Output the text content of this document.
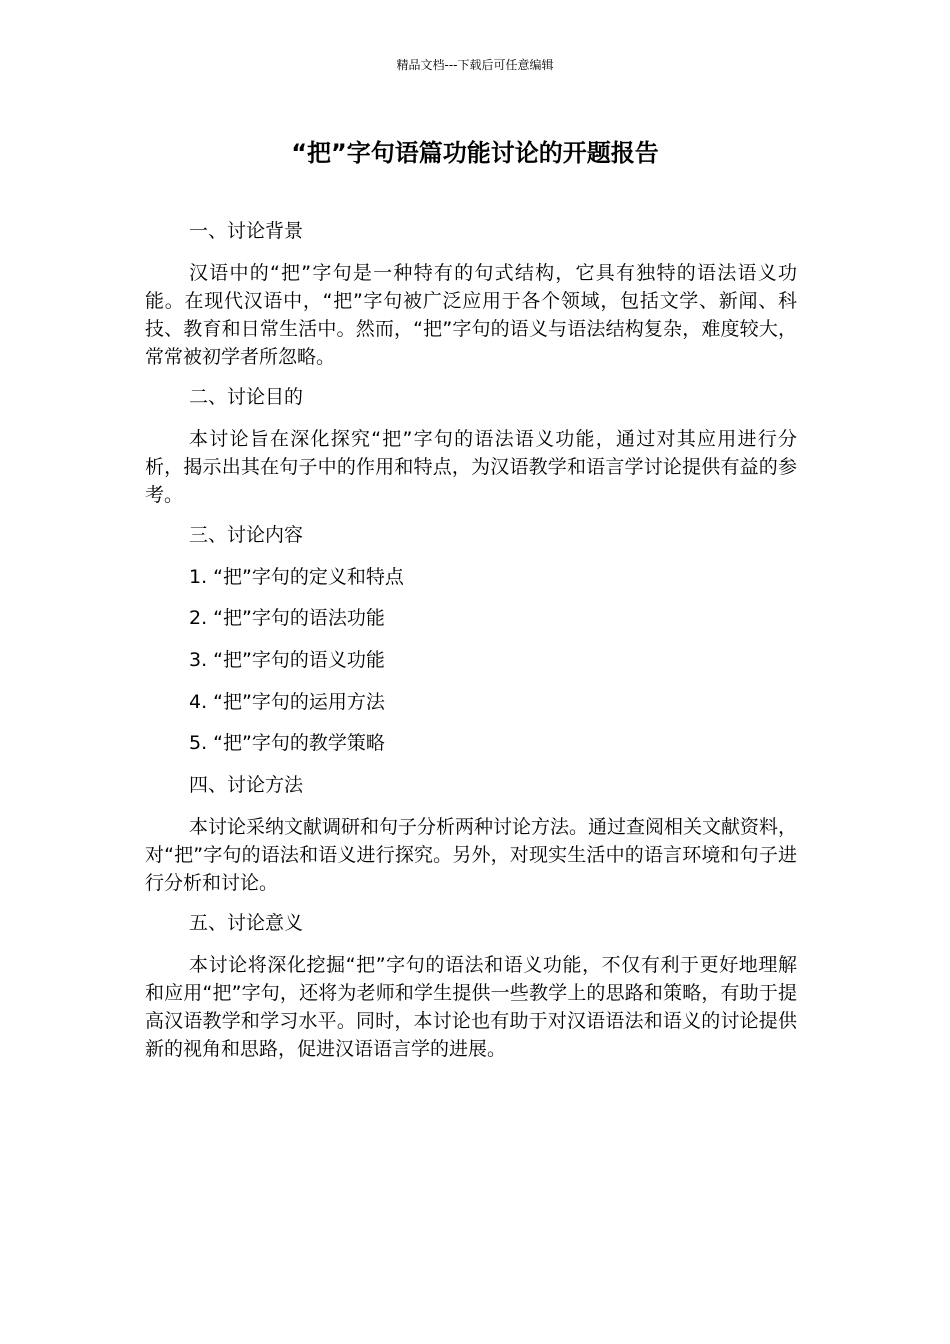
精品文档---下载后可任意编辑
“把”字句语篇功能讨论的开题报告
一、讨论背景

汉语中的“把”字句是一种特有的句式结构，它具有独特的语法语义功能。在现代汉语中，“把”字句被广泛应用于各个领域，包括文学、新闻、科技、教育和日常生活中。然而，“把”字句的语义与语法结构复杂，难度较大，常常被初学者所忽略。

二、讨论目的

本讨论旨在深化探究“把”字句的语法语义功能，通过对其应用进行分析，揭示出其在句子中的作用和特点，为汉语教学和语言学讨论提供有益的参考。

三、讨论内容
1. “把”字句的定义和特点
2. “把”字句的语法功能
3. “把”字句的语义功能
4. “把”字句的运用方法
5. “把”字句的教学策略
四、讨论方法

本讨论采纳文献调研和句子分析两种讨论方法。通过查阅相关文献资料，对“把”字句的语法和语义进行探究。另外，对现实生活中的语言环境和句子进行分析和讨论。

五、讨论意义

本讨论将深化挖掘“把”字句的语法和语义功能，不仅有利于更好地理解和应用“把”字句，还将为老师和学生提供一些教学上的思路和策略，有助于提高汉语教学和学习水平。同时，本讨论也有助于对汉语语法和语义的讨论提供新的视角和思路，促进汉语语言学的进展。
